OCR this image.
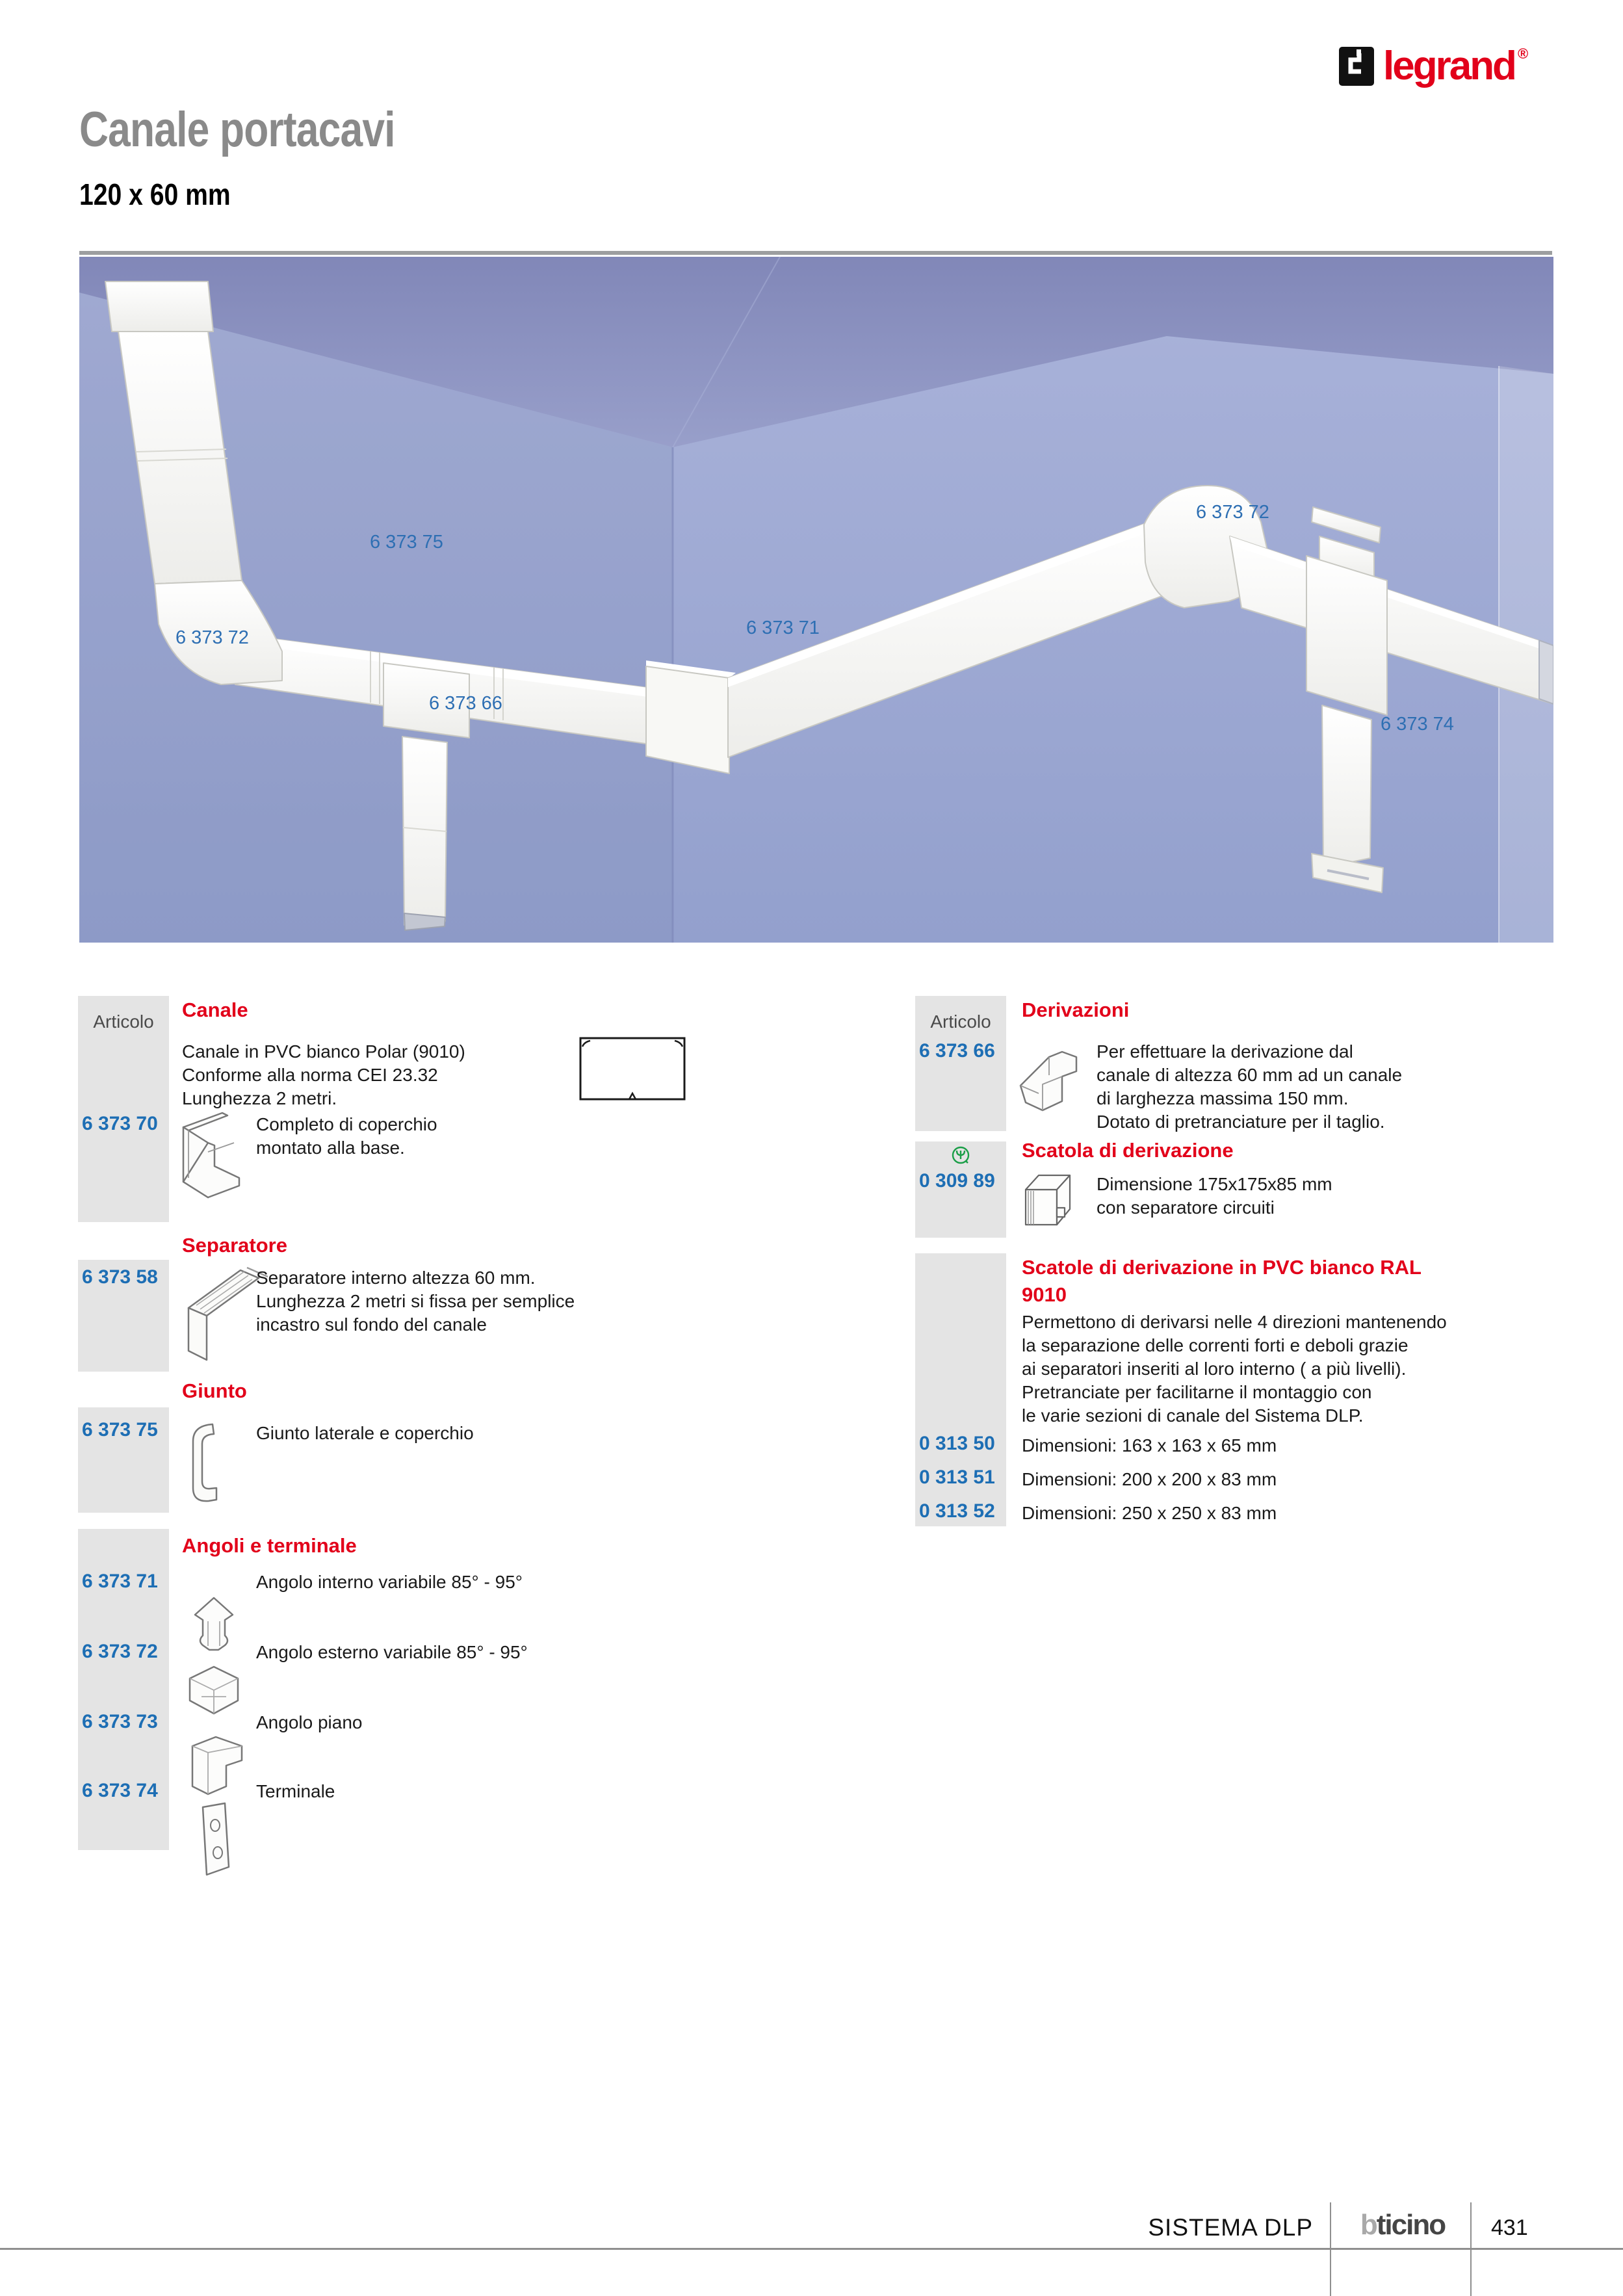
legrand ®
Canale portacavi
120 x 60 mm
6 373 72
6 373 75
6 373 66
6 373 71
6 373 72
6 373 74
Articolo
Canale
Canale in PVC bianco Polar (9010)
Conforme alla norma CEI 23.32
Lunghezza 2 metri.
6 373 70	Completo di coperchio
montato alla base.
Separatore
6 373 58	Separatore interno altezza 60 mm.
Lunghezza 2 metri si fissa per semplice
incastro sul fondo del canale
Giunto
6 373 75	Giunto laterale e coperchio
Angoli e terminale
6 373 71	Angolo interno variabile 85° - 95°
6 373 72	Angolo esterno variabile 85° - 95°
6 373 73	Angolo piano
6 373 74	Terminale
Articolo
Derivazioni
6 373 66	Per effettuare la derivazione dal
canale di altezza 60 mm ad un canale
di larghezza massima 150 mm.
Dotato di pretranciature per il taglio.
Scatola di derivazione
0 309 89	Dimensione 175x175x85 mm
con separatore circuiti
Scatole di derivazione in PVC bianco RAL
9010
Permettono di derivarsi nelle 4 direzioni mantenendo
la separazione delle correnti forti e deboli grazie
ai separatori inseriti al loro interno ( a più livelli).
Pretranciate per facilitarne il montaggio con
le varie sezioni di canale del Sistema DLP.
0 313 50 Dimensioni: 163 x 163 x 65 mm
0 313 51 Dimensioni: 200 x 200 x 83 mm
0 313 52 Dimensioni: 250 x 250 x 83 mm
SISTEMA DLP	bticino	431
